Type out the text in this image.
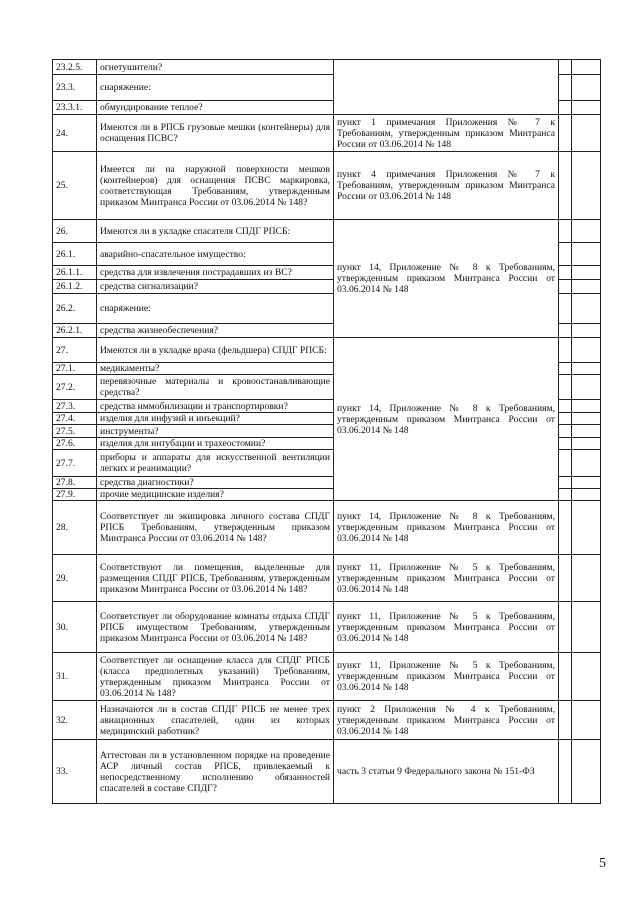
23.2.5.	огнетушители?			
23.3.	снаряжение:			
23.3.1.	обмундирование теплое?			
24.	Имеются ли в РПСБ грузовые мешки (контейнеры) для оснащения ПСВС?	пункт 1 примечания Приложения № 7 к Требованиям, утвержденным приказом Минтранса России от 03.06.2014 № 148		
25.	Имеется ли на наружной поверхности мешков (контейнеров) для оснащения ПСВС маркировка, соответствующая Требованиям, утвержденным приказом Минтранса России от 03.06.2014 № 148?	пункт 4 примечания Приложения № 7 к Требованиям, утвержденным приказом Минтранса России от 03.06.2014 № 148		
26.	Имеются ли в укладке спасателя СПДГ РПСБ:	пункт 14, Приложение № 8 к Требованиям, утвержденным приказом Минтранса России от 03.06.2014 № 148		
26.1.	аварийно-спасательное имущество:			
26.1.1.	средства для извлечения пострадавших из ВС?			
26.1.2.	средства сигнализации?			
26.2.	снаряжение:			
26.2.1.	средства жизнеобеспечения?			
27.	Имеются ли в укладке врача (фельдшера) СПДГ РПСБ:	пункт 14, Приложение № 8 к Требованиям, утвержденным приказом Минтранса России от 03.06.2014 № 148		
27.1.	медикаменты?			
27.2.	перевязочные материалы и кровоостанавливающие средства?			
27.3.	средства иммобилизации и транспортировки?			
27.4.	изделия для инфузий и инъекций?			
27.5.	инструменты?			
27.6.	изделия для интубации и трахеостомии?			
27.7.	приборы и аппараты для искусственной вентиляции легких и реанимации?			
27.8.	средства диагностики?			
27.9.	прочие медицинские изделия?			
28.	Соответствует ли экипировка личного состава СПДГ РПСБ Требованиям, утвержденным приказом Минтранса России от 03.06.2014 № 148?	пункт 14, Приложение № 8 к Требованиям, утвержденным приказом Минтранса России от 03.06.2014 № 148		
29.	Соответствуют ли помещения, выделенные для размещения СПДГ РПСБ, Требованиям, утвержденным приказом Минтранса России от 03.06.2014 № 148?	пункт 11, Приложение № 5 к Требованиям, утвержденным приказом Минтранса России от 03.06.2014 № 148		
30.	Соответствует ли оборудование комнаты отдыха СПДГ РПСБ имуществом Требованиям, утвержденным приказом Минтранса России от 03.06.2014 № 148?	пункт 11, Приложение № 5 к Требованиям, утвержденным приказом Минтранса России от 03.06.2014 № 148		
31.	Соответствует ли оснащение класса для СПДГ РПСБ (класса предполетных указаний) Требованиям, утвержденным приказом Минтранса России от 03.06.2014 № 148?	пункт 11, Приложение № 5 к Требованиям, утвержденным приказом Минтранса России от 03.06.2014 № 148		
32.	Назначаются ли в состав СПДГ РПСБ не менее трех авиационных спасателей, один из которых медицинский работник?	пункт 2 Приложения № 4 к Требованиям, утвержденным приказом Минтранса России от 03.06.2014 № 148		
33.	Аттестован ли в установленном порядке на проведение АСР личный состав РПСБ, привлекаемый к непосредственному исполнению обязанностей спасателей в составе СПДГ?	часть 3 статьи 9 Федерального закона № 151-ФЗ		
5
